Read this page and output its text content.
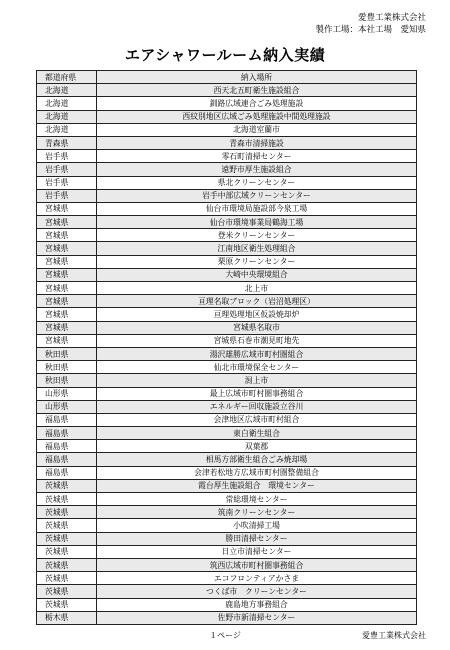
愛豊工業株式会社
製作工場：本社工場　愛知県
エアシャワールーム納入実績
都道府県	納入場所
北海道	西天北五町衛生施設組合
北海道	釧路広域連合ごみ処理施設
北海道	西紋別地区広域ごみ処理施設中間処理施設
北海道	北海道室蘭市
青森県	青森市清掃施設
岩手県	零石町清掃センター
岩手県	遠野市厚生施設組合
岩手県	県北クリーンセンター
岩手県	岩手中部広域クリーンセンター
宮城県	仙台市環境局施設部今泉工場
宮城県	仙台市環境事業局鶴海工場
宮城県	登米クリーンセンター
宮城県	江南地区衛生処理組合
宮城県	栗原クリーンセンター
宮城県	大崎中央環境組合
宮城県	北上市
宮城県	亘理名取ブロック（岩沼処理区）
宮城県	亘理処理地区仮設焼却炉
宮城県	宮城県名取市
宮城県	宮城県石巻市潮見町地先
秋田県	湯沢雄勝広域市町村圏組合
秋田県	仙北市環境保全センター
秋田県	潟上市
山形県	最上広域市町村圏事務組合
山形県	エネルギー回収施設立谷川
福島県	会津地区広域市町村組合
福島県	東白衛生組合
福島県	双葉郡
福島県	相馬方部衛生組合ごみ焼却場
福島県	会津若松地方広域市町村圏整備組合
茨城県	霞台厚生施設組合　環境センター
茨城県	常総環境センター
茨城県	筑南クリーンセンター
茨城県	小吹清掃工場
茨城県	勝田清掃センター
茨城県	日立市清掃センター
茨城県	筑西広域市町村圏事務組合
茨城県	エコフロンティアかさま
茨城県	つくば市　クリーンセンター
茨城県	鹿島地方事務組合
栃木県	佐野市新清掃センター
１ページ	愛豊工業株式会社
